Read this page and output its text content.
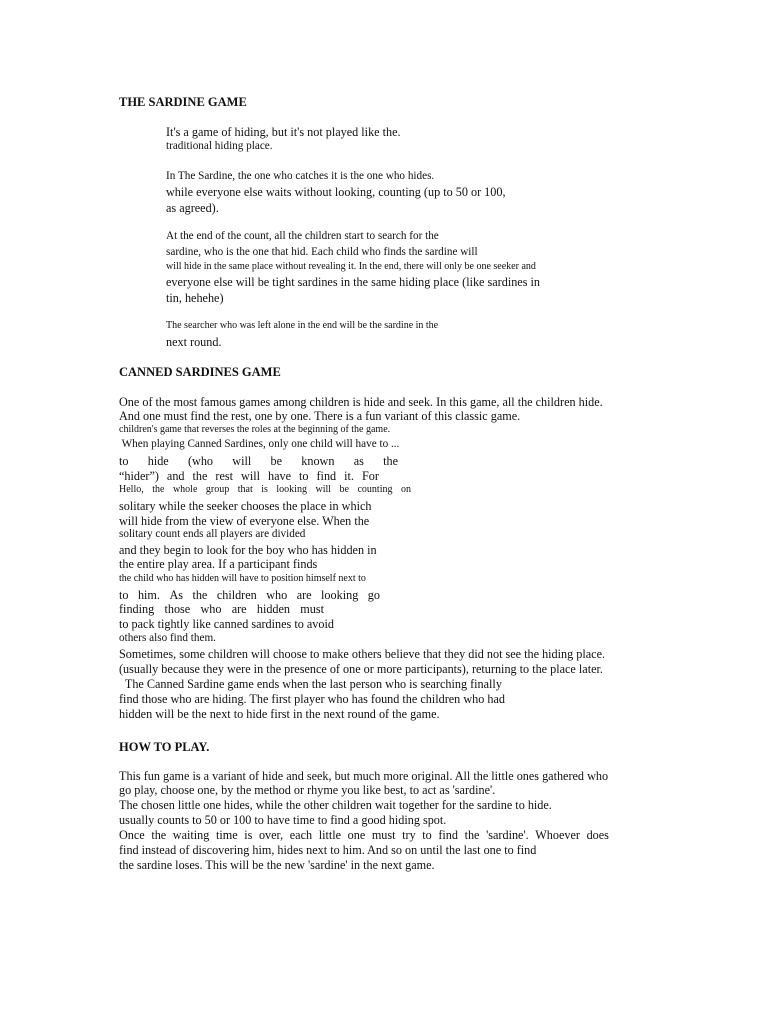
THE SARDINE GAME
It's a game of hiding, but it's not played like the.
traditional hiding place.
In The Sardine, the one who catches it is the one who hides.
while everyone else waits without looking, counting (up to 50 or 100,
as agreed).
At the end of the count, all the children start to search for the
sardine, who is the one that hid. Each child who finds the sardine will
will hide in the same place without revealing it. In the end, there will only be one seeker and
everyone else will be tight sardines in the same hiding place (like sardines in
tin, hehehe)
The searcher who was left alone in the end will be the sardine in the
next round.
CANNED SARDINES GAME
One of the most famous games among children is hide and seek. In this game, all the children hide.
And one must find the rest, one by one. There is a fun variant of this classic game.
children's game that reverses the roles at the beginning of the game.
When playing Canned Sardines, only one child will have to ...
to hide (who will be known as the
“hider”) and the rest will have to find it. For
Hello, the whole group that is looking will be counting on
solitary while the seeker chooses the place in which
will hide from the view of everyone else. When the
solitary count ends all players are divided
and they begin to look for the boy who has hidden in
the entire play area. If a participant finds
the child who has hidden will have to position himself next to
to him. As the children who are looking go
finding those who are hidden must
to pack tightly like canned sardines to avoid
others also find them.
Sometimes, some children will choose to make others believe that they did not see the hiding place.
(usually because they were in the presence of one or more participants), returning to the place later.
The Canned Sardine game ends when the last person who is searching finally
find those who are hiding. The first player who has found the children who had
hidden will be the next to hide first in the next round of the game.
HOW TO PLAY.
This fun game is a variant of hide and seek, but much more original. All the little ones gathered who
go play, choose one, by the method or rhyme you like best, to act as 'sardine'.
The chosen little one hides, while the other children wait together for the sardine to hide.
usually counts to 50 or 100 to have time to find a good hiding spot.
Once the waiting time is over, each little one must try to find the 'sardine'. Whoever does
find instead of discovering him, hides next to him. And so on until the last one to find
the sardine loses. This will be the new 'sardine' in the next game.
